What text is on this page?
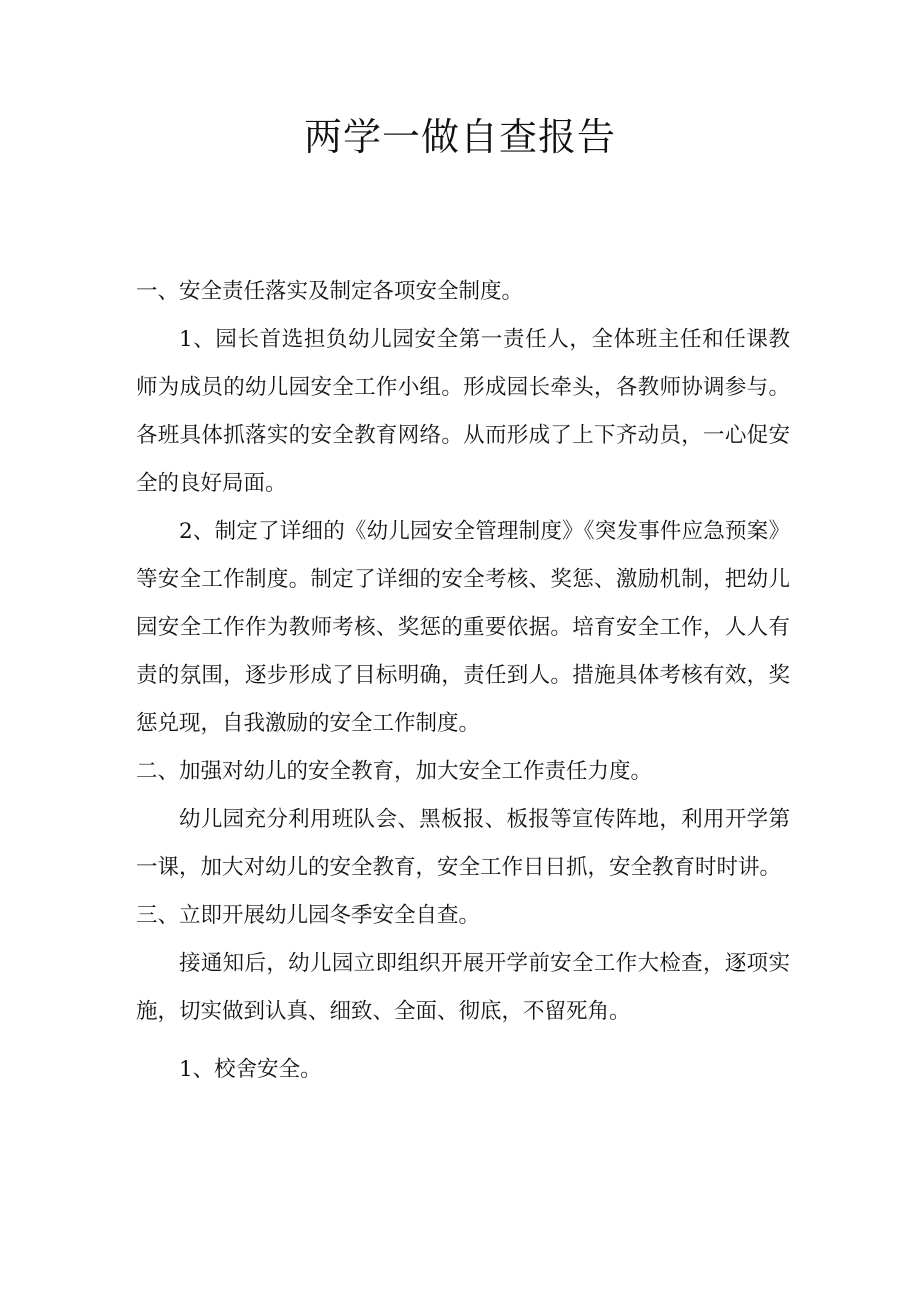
两学一做自查报告

一、安全责任落实及制定各项安全制度。

1、园长首选担负幼儿园安全第一责任人，全体班主任和任课教师为成员的幼儿园安全工作小组。形成园长牵头，各教师协调参与。各班具体抓落实的安全教育网络。从而形成了上下齐动员，一心促安全的良好局面。

2、制定了详细的《幼儿园安全管理制度》《突发事件应急预案》等安全工作制度。制定了详细的安全考核、奖惩、激励机制，把幼儿园安全工作作为教师考核、奖惩的重要依据。培育安全工作，人人有责的氛围，逐步形成了目标明确，责任到人。措施具体考核有效，奖惩兑现，自我激励的安全工作制度。

二、加强对幼儿的安全教育，加大安全工作责任力度。

幼儿园充分利用班队会、黑板报、板报等宣传阵地，利用开学第一课，加大对幼儿的安全教育，安全工作日日抓，安全教育时时讲。

三、立即开展幼儿园冬季安全自查。

接通知后，幼儿园立即组织开展开学前安全工作大检查，逐项实施，切实做到认真、细致、全面、彻底，不留死角。

1、校舍安全。
